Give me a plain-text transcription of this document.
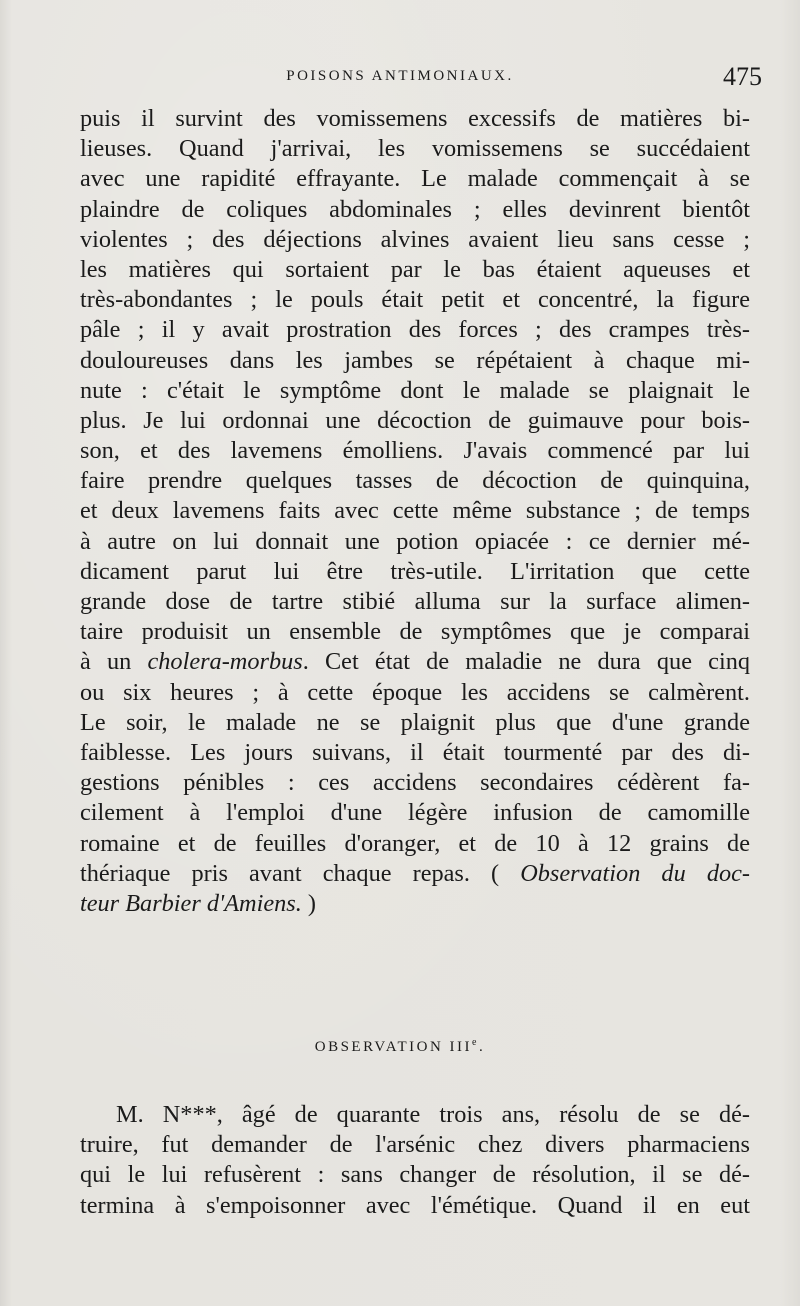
POISONS ANTIMONIAUX.	475
puis il survint des vomissemens excessifs de matières bi-
lieuses. Quand j'arrivai, les vomissemens se succédaient
avec une rapidité effrayante. Le malade commençait à se
plaindre de coliques abdominales ; elles devinrent bientôt
violentes ; des déjections alvines avaient lieu sans cesse ;
les matières qui sortaient par le bas étaient aqueuses et
très-abondantes ; le pouls était petit et concentré, la figure
pâle ; il y avait prostration des forces ; des crampes très-
douloureuses dans les jambes se répétaient à chaque mi-
nute : c'était le symptôme dont le malade se plaignait le
plus. Je lui ordonnai une décoction de guimauve pour bois-
son, et des lavemens émolliens. J'avais commencé par lui
faire prendre quelques tasses de décoction de quinquina,
et deux lavemens faits avec cette même substance ; de temps
à autre on lui donnait une potion opiacée : ce dernier mé-
dicament parut lui être très-utile. L'irritation que cette
grande dose de tartre stibié alluma sur la surface alimen-
taire produisit un ensemble de symptômes que je comparai
à un cholera-morbus. Cet état de maladie ne dura que cinq
ou six heures ; à cette époque les accidens se calmèrent.
Le soir, le malade ne se plaignit plus que d'une grande
faiblesse. Les jours suivans, il était tourmenté par des di-
gestions pénibles : ces accidens secondaires cédèrent fa-
cilement à l'emploi d'une légère infusion de camomille
romaine et de feuilles d'oranger, et de 10 à 12 grains de
thériaque pris avant chaque repas. ( Observation du doc-
teur Barbier d'Amiens. )
OBSERVATION IIIe.
M. N***, âgé de quarante trois ans, résolu de se dé-
truire, fut demander de l'arsénic chez divers pharmaciens
qui le lui refusèrent : sans changer de résolution, il se dé-
termina à s'empoisonner avec l'émétique. Quand il en eut
